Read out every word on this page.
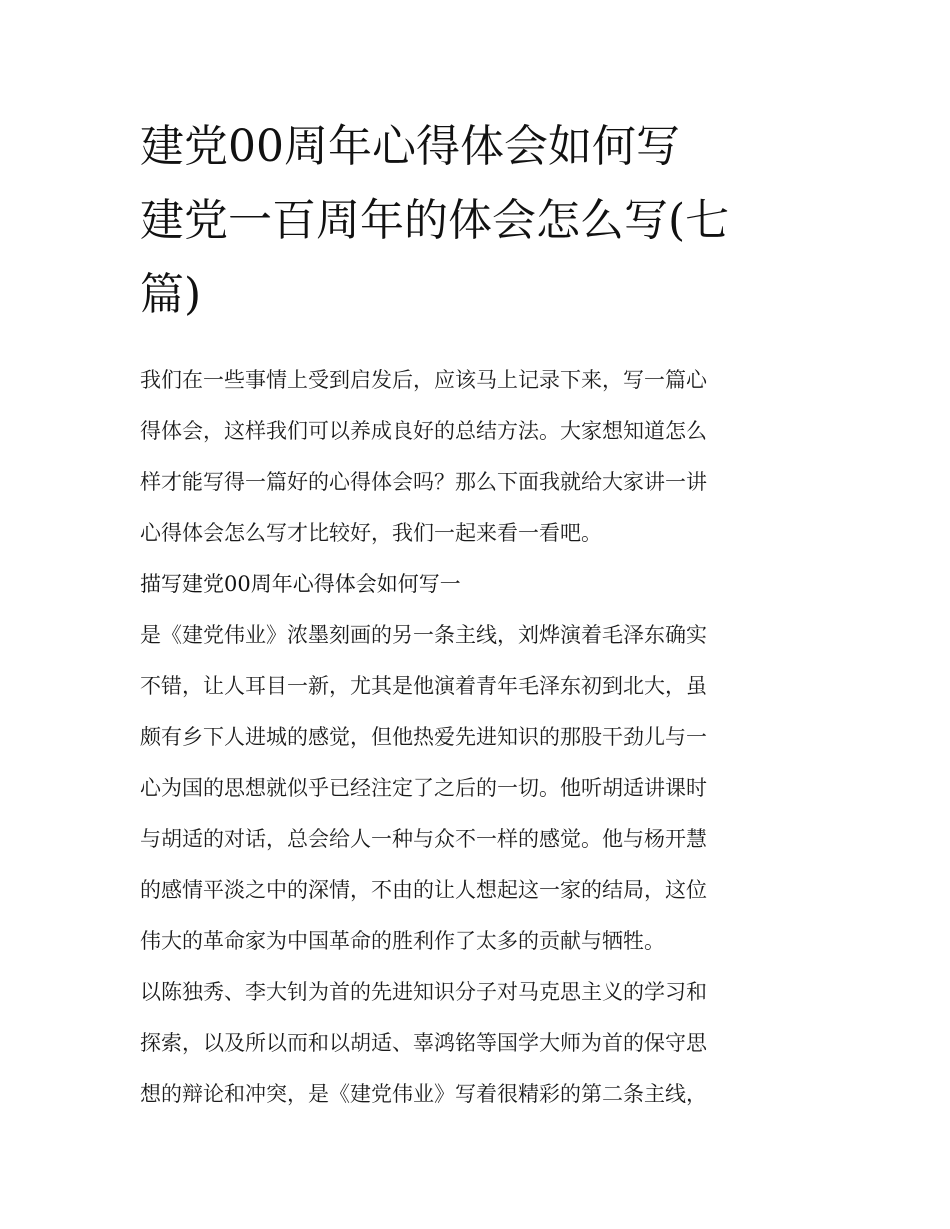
建党00周年心得体会如何写
建党一百周年的体会怎么写(七
篇)

我们在一些事情上受到启发后，应该马上记录下来，写一篇心
得体会，这样我们可以养成良好的总结方法。大家想知道怎么
样才能写得一篇好的心得体会吗？那么下面我就给大家讲一讲
心得体会怎么写才比较好，我们一起来看一看吧。

描写建党00周年心得体会如何写一

是《建党伟业》浓墨刻画的另一条主线，刘烨演着毛泽东确实
不错，让人耳目一新，尤其是他演着青年毛泽东初到北大，虽
颇有乡下人进城的感觉，但他热爱先进知识的那股干劲儿与一
心为国的思想就似乎已经注定了之后的一切。他听胡适讲课时
与胡适的对话，总会给人一种与众不一样的感觉。他与杨开慧
的感情平淡之中的深情，不由的让人想起这一家的结局，这位
伟大的革命家为中国革命的胜利作了太多的贡献与牺牲。

以陈独秀、李大钊为首的先进知识分子对马克思主义的学习和
探索，以及所以而和以胡适、辜鸿铭等国学大师为首的保守思
想的辩论和冲突，是《建党伟业》写着很精彩的第二条主线，
